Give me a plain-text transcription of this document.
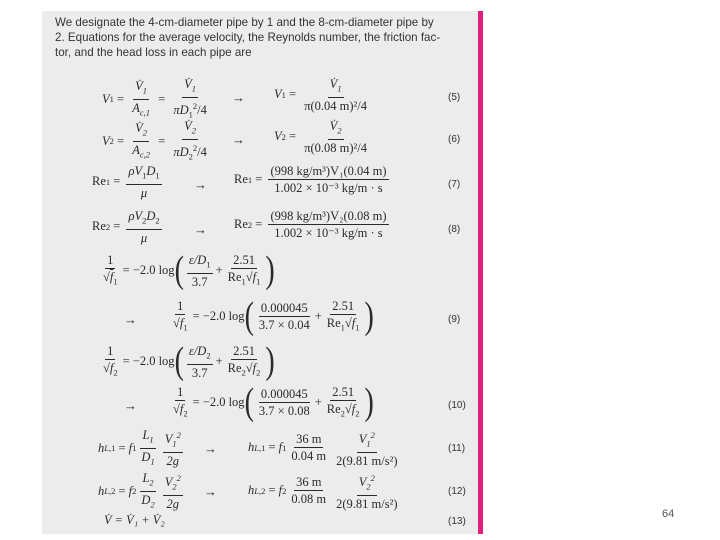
We designate the 4-cm-diameter pipe by 1 and the 8-cm-diameter pipe by
2. Equations for the average velocity, the Reynolds number, the friction fac-
tor, and the head loss in each pipe are
V $1 = \frac{V̇_1}{A_{c,1}} = \frac{V̇_1}{\pi D_1^2/4} \to V$ $1 = \frac{V̇_1}{\text{π(0.04 m)²/4}}$	(5)
V $2 = \frac{V̇_2}{A_{c,2}} = \frac{V̇_2}{\pi D_2^2/4} \to V$ $2 = \frac{V̇_2}{\text{π(0.08 m)²/4}}$	(6)
Re $1 = \frac{\rho V_1D_1}{\mu} \to Re$ $1 = \frac{\text{(998 kg/m³)V₁(0.04 m)}}{\text{1.002 × 10⁻³ kg/m · s}}$	(7)
Re $2 = \frac{\rho V_2D_2}{\mu} \to Re$ $2 = \frac{\text{(998 kg/m³)V₂(0.08 m)}}{\text{1.002 × 10⁻³ kg/m · s}}$	(8)
$\frac{1}{√f_1} = -2.0$ log ( $\frac{\varepsilon/D_1}{3.7} + \frac{2.51}{Re_1√f_1}$ )
→	$\frac{1}{√f_1} = -2.0$ log ( $\frac{0.000045}{3.7 \times 0.04} + \frac{2.51}{Re_1√f_1}$ )	(9)
$\frac{1}{√f_2} = -2.0$ log ( $\frac{\varepsilon/D_2}{3.7} + \frac{2.51}{Re_2√f_2}$ )
→	$\frac{1}{√f_2} = -2.0$ log ( $\frac{0.000045}{3.7 \times 0.08} + \frac{2.51}{Re_2√f_2}$ )	(10)
h L,1 = f $1 \frac{L_1}{D_1} \frac{V_1^2}{2g} \to h$ L,1 = f $1 \frac{36 m}{0.04 m} \frac{V_1^2}{\text{2(9.81 m/s²)}}$	(11)
h L,2 = f $2 \frac{L_2}{D_2} \frac{V_2^2}{2g} \to h$ L,2 = f $2 \frac{36 m}{0.08 m} \frac{V_2^2}{\text{2(9.81 m/s²)}}$	(12)
V̇ = V̇₁ + V̇₂	(13)
64
